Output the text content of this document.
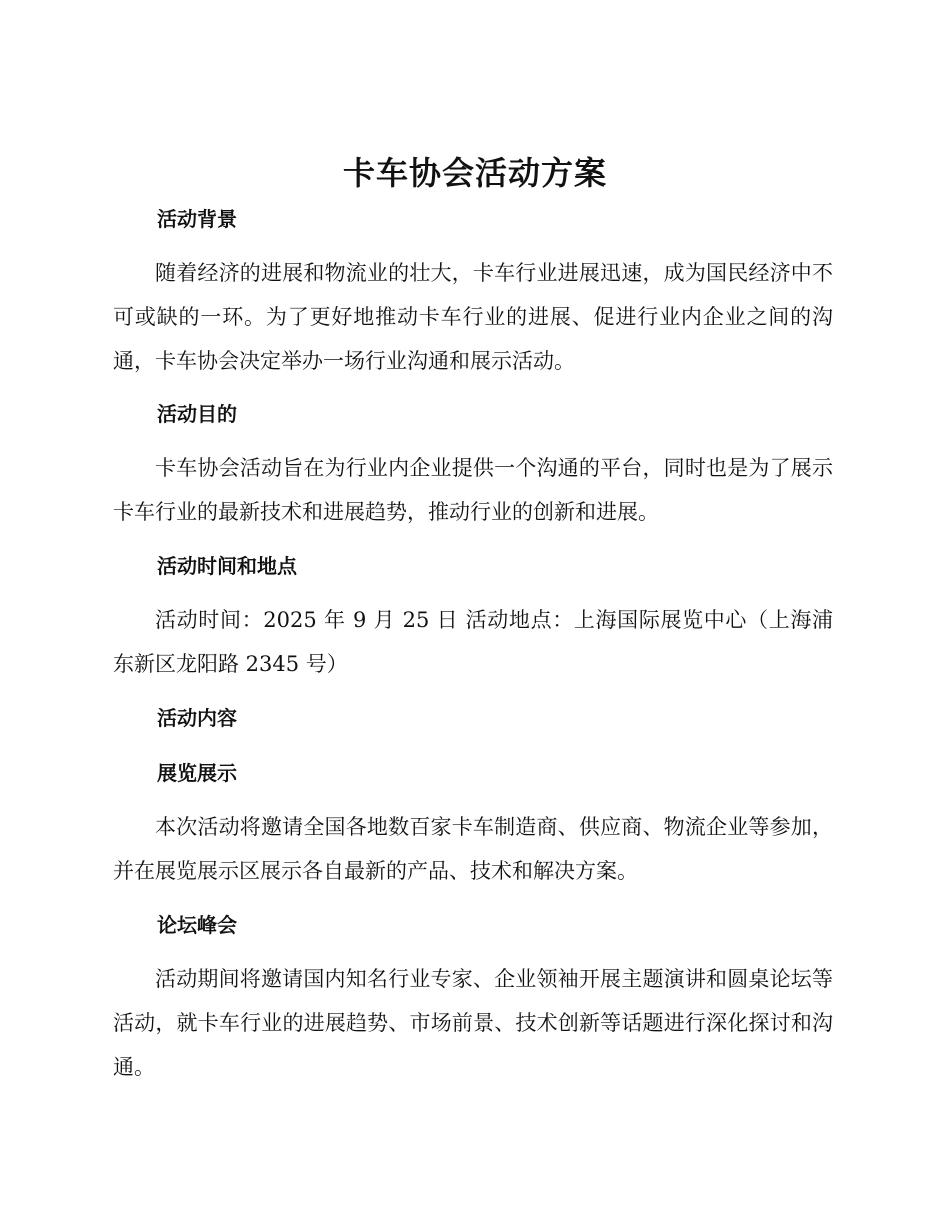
卡车协会活动方案
活动背景

随着经济的进展和物流业的壮大，卡车行业进展迅速，成为国民经济中不可或缺的一环。为了更好地推动卡车行业的进展、促进行业内企业之间的沟通，卡车协会决定举办一场行业沟通和展示活动。

活动目的

卡车协会活动旨在为行业内企业提供一个沟通的平台，同时也是为了展示卡车行业的最新技术和进展趋势，推动行业的创新和进展。

活动时间和地点

活动时间：2025 年 9 月 25 日 活动地点：上海国际展览中心（上海浦东新区龙阳路 2345 号）

活动内容
展览展示

本次活动将邀请全国各地数百家卡车制造商、供应商、物流企业等参加，并在展览展示区展示各自最新的产品、技术和解决方案。

论坛峰会

活动期间将邀请国内知名行业专家、企业领袖开展主题演讲和圆桌论坛等活动，就卡车行业的进展趋势、市场前景、技术创新等话题进行深化探讨和沟通。
